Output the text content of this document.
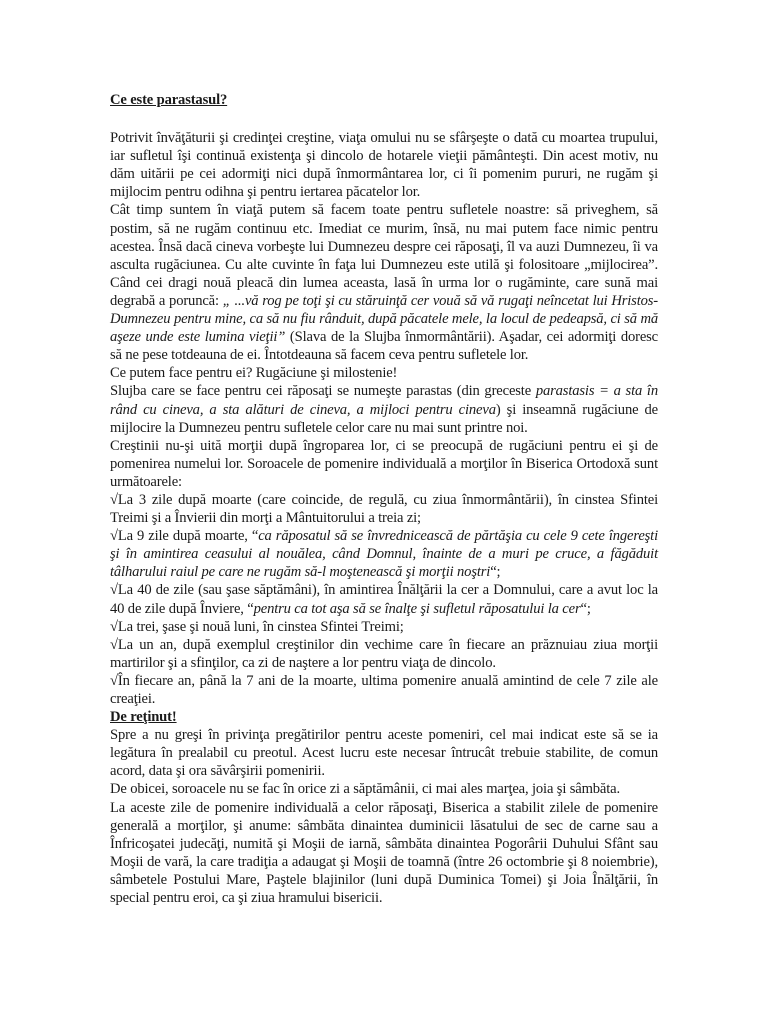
Ce este parastasul?

Potrivit învăţăturii şi credinţei creştine, viaţa omului nu se sfârşeşte o dată cu moartea trupului, iar sufletul îşi continuă existenţa şi dincolo de hotarele vieţii pământeşti. Din acest motiv, nu dăm uitării pe cei adormiţi nici după înmormântarea lor, ci îi pomenim pururi, ne rugăm şi mijlocim pentru odihna şi pentru iertarea păcatelor lor.

Cât timp suntem în viaţă putem să facem toate pentru sufletele noastre: să priveghem, să postim, să ne rugăm continuu etc. Imediat ce murim, însă, nu mai putem face nimic pentru acestea. Însă dacă cineva vorbeşte lui Dumnezeu despre cei răposaţi, îl va auzi Dumnezeu, îi va asculta rugăciunea. Cu alte cuvinte în faţa lui Dumnezeu este utilă şi folositoare „mijlocirea”. Când cei dragi nouă pleacă din lumea aceasta, lasă în urma lor o rugăminte, care sună mai degrabă a poruncă: „ ...vă rog pe toţi şi cu stăruinţă cer vouă să vă rugaţi neîncetat lui Hristos-Dumnezeu pentru mine, ca să nu fiu rânduit, după păcatele mele, la locul de pedeapsă, ci să mă aşeze unde este lumina vieţii” (Slava de la Slujba înmormântării). Aşadar, cei adormiţi doresc să ne pese totdeauna de ei. Întotdeauna să facem ceva pentru sufletele lor.

Ce putem face pentru ei? Rugăciune şi milostenie!

Slujba care se face pentru cei răposaţi se numeşte parastas (din greceste parastasis = a sta în rând cu cineva, a sta alături de cineva, a mijloci pentru cineva) şi inseamnă rugăciune de mijlocire la Dumnezeu pentru sufletele celor care nu mai sunt printre noi.

Creştinii nu-şi uită morţii după îngroparea lor, ci se preocupă de rugăciuni pentru ei şi de pomenirea numelui lor. Soroacele de pomenire individuală a morţilor în Biserica Ortodoxă sunt următoarele:

√ La 3 zile după moarte (care coincide, de regulă, cu ziua înmormântării), în cinstea Sfintei Treimi şi a Învierii din morţi a Mântuitorului a treia zi;

√ La 9 zile după moarte, “ca răposatul să se învrednicească de părtăşia cu cele 9 cete îngereşti şi în amintirea ceasului al nouălea, când Domnul, înainte de a muri pe cruce, a făgăduit tâlharului raiul pe care ne rugăm să-l moştenească şi morţii noştri“;

√ La 40 de zile (sau şase săptămâni), în amintirea Înălţării la cer a Domnului, care a avut loc la 40 de zile după Înviere, “pentru ca tot aşa să se înalţe şi sufletul răposatului la cer“;

√ La trei, şase şi nouă luni, în cinstea Sfintei Treimi;

√ La un an, după exemplul creştinilor din vechime care în fiecare an prăznuiau ziua morţii martirilor şi a sfinţilor, ca zi de naştere a lor pentru viaţa de dincolo.

√ În fiecare an, până la 7 ani de la moarte, ultima pomenire anuală amintind de cele 7 zile ale creaţiei.

De reţinut!

Spre a nu greşi în privinţa pregătirilor pentru aceste pomeniri, cel mai indicat este să se ia legătura în prealabil cu preotul. Acest lucru este necesar întrucât trebuie stabilite, de comun acord, data şi ora săvârşirii pomenirii.

De obicei, soroacele nu se fac în orice zi a săptămânii, ci mai ales marţea, joia şi sâmbăta.

La aceste zile de pomenire individuală a celor răposaţi, Biserica a stabilit zilele de pomenire generală a morţilor, şi anume: sâmbăta dinaintea duminicii lăsatului de sec de carne sau a Înfricoşatei judecăţi, numită şi Moşii de iarnă, sâmbăta dinaintea Pogorârii Duhului Sfânt sau Moşii de vară, la care tradiţia a adaugat şi Moşii de toamnă (între 26 octombrie şi 8 noiembrie), sâmbetele Postului Mare, Paştele blajinilor (luni după Duminica Tomei) şi Joia Înălţării, în special pentru eroi, ca şi ziua hramului bisericii.
